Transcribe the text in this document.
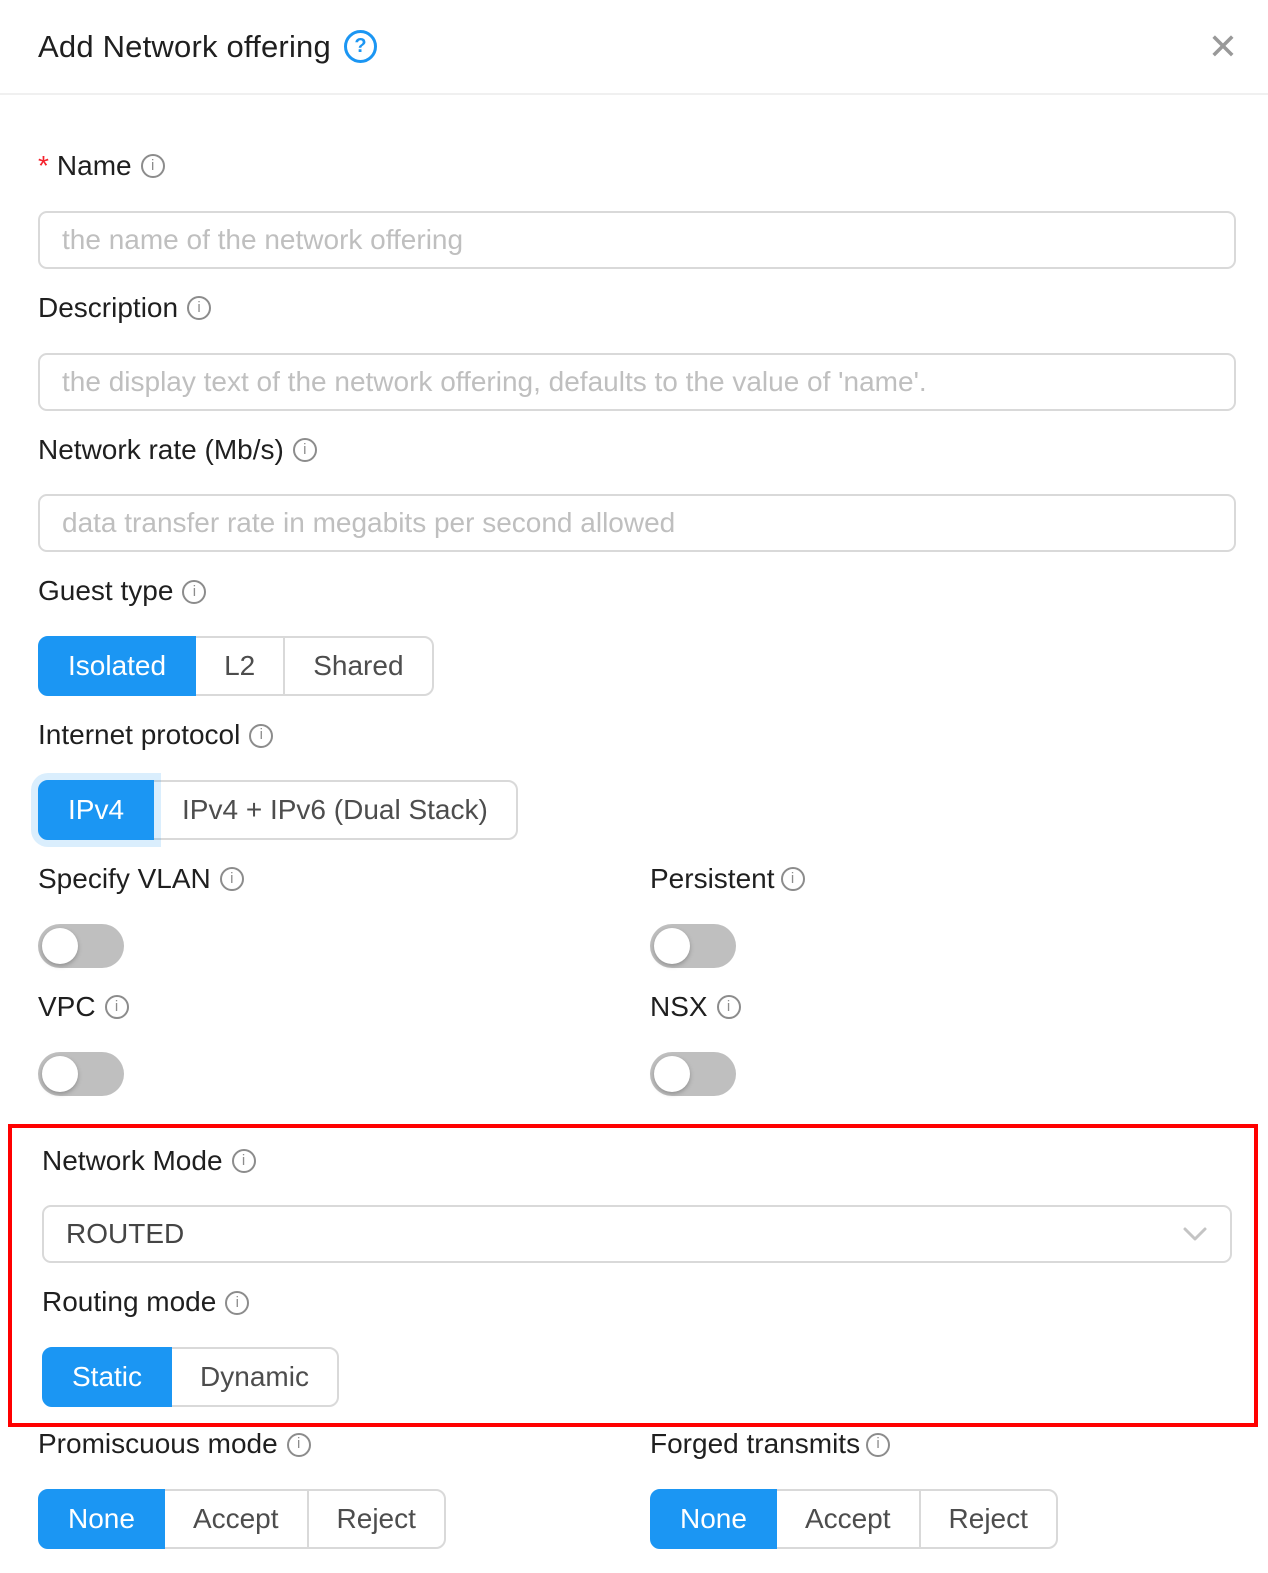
Add Network offering	?	✕
* Name	i
the name of the network offering
Description	i
the display text of the network offering, defaults to the value of 'name'.
Network rate (Mb/s)	i
data transfer rate in megabits per second allowed
Guest type	i
Isolated	L2	Shared
Internet protocol	i
IPv4	IPv4 + IPv6 (Dual Stack)
Specify VLAN	i	Persistent	i
VPC	i	NSX	i
Network Mode	i
ROUTED
Routing mode	i
Static	Dynamic
Promiscuous mode	i
None	Accept	Reject
Forged transmits	i
None	Accept	Reject
